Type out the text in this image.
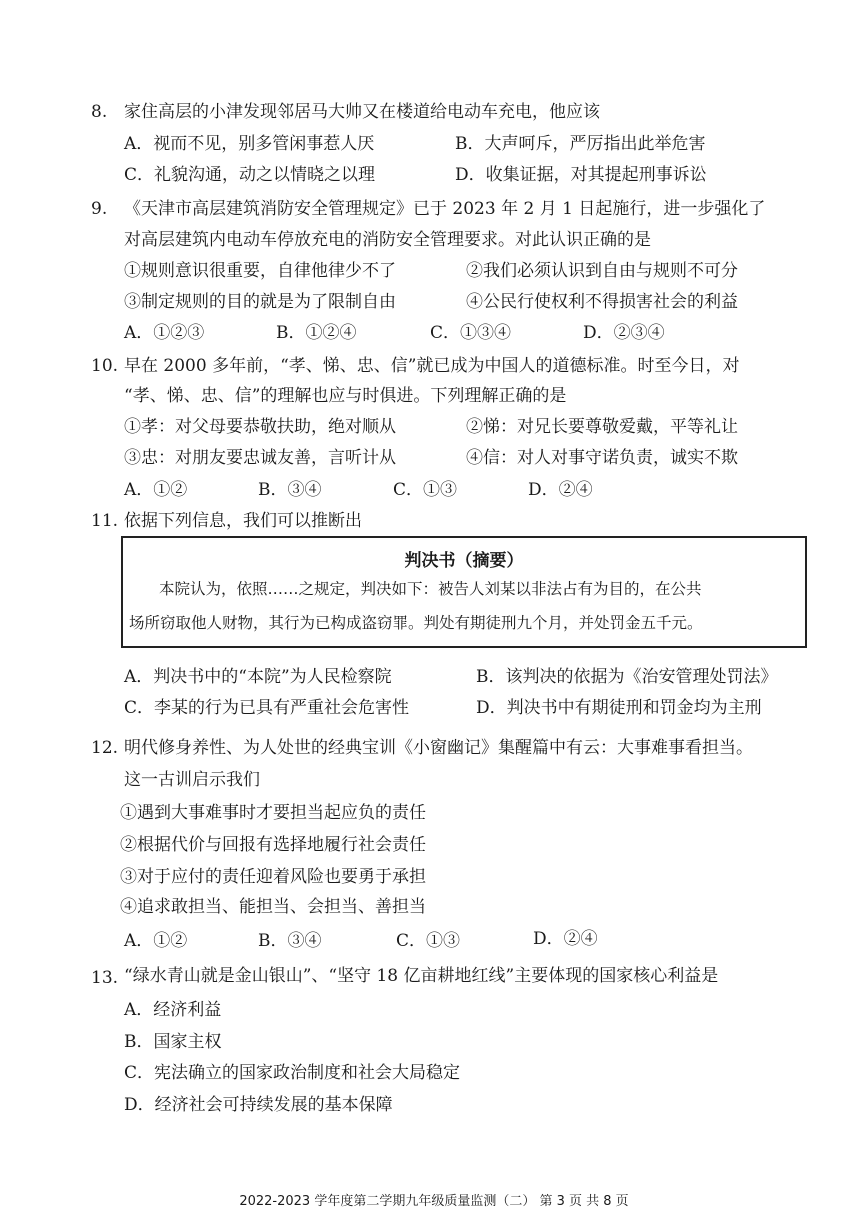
8. 家住高层的小津发现邻居马大帅又在楼道给电动车充电，他应该
A．视而不见，别多管闲事惹人厌	B．大声呵斥，严厉指出此举危害
C．礼貌沟通，动之以情晓之以理	D．收集证据，对其提起刑事诉讼
9. 《天津市高层建筑消防安全管理规定》已于 2023 年 2 月 1 日起施行，进一步强化了
对高层建筑内电动车停放充电的消防安全管理要求。对此认识正确的是
①规则意识很重要，自律他律少不了	②我们必须认识到自由与规则不可分
③制定规则的目的就是为了限制自由	④公民行使权利不得损害社会的利益
A．①②③	B．①②④	C．①③④	D．②③④
10. 早在 2000 多年前，“孝、悌、忠、信”就已成为中国人的道德标准。时至今日，对
“孝、悌、忠、信”的理解也应与时俱进。下列理解正确的是
①孝：对父母要恭敬扶助，绝对顺从	②悌：对兄长要尊敬爱戴，平等礼让
③忠：对朋友要忠诚友善，言听计从	④信：对人对事守诺负责，诚实不欺
A．①②	B．③④	C．①③	D．②④
11. 依据下列信息，我们可以推断出
判决书（摘要）
本院认为，依照……之规定，判决如下：被告人刘某以非法占有为目的，在公共
场所窃取他人财物，其行为已构成盗窃罪。判处有期徒刑九个月，并处罚金五千元。
A．判决书中的“本院”为人民检察院	B．该判决的依据为《治安管理处罚法》
C．李某的行为已具有严重社会危害性	D．判决书中有期徒刑和罚金均为主刑
12. 明代修身养性、为人处世的经典宝训《小窗幽记》集醒篇中有云：大事难事看担当。
这一古训启示我们
①遇到大事难事时才要担当起应负的责任
②根据代价与回报有选择地履行社会责任
③对于应付的责任迎着风险也要勇于承担
④追求敢担当、能担当、会担当、善担当
A．①②	B．③④	C．①③	D．②④
13. “绿水青山就是金山银山”、“坚守 18 亿亩耕地红线”主要体现的国家核心利益是
A．经济利益
B．国家主权
C．宪法确立的国家政治制度和社会大局稳定
D．经济社会可持续发展的基本保障
2022-2023 学年度第二学期九年级质量监测（二） 第 3 页 共 8 页
